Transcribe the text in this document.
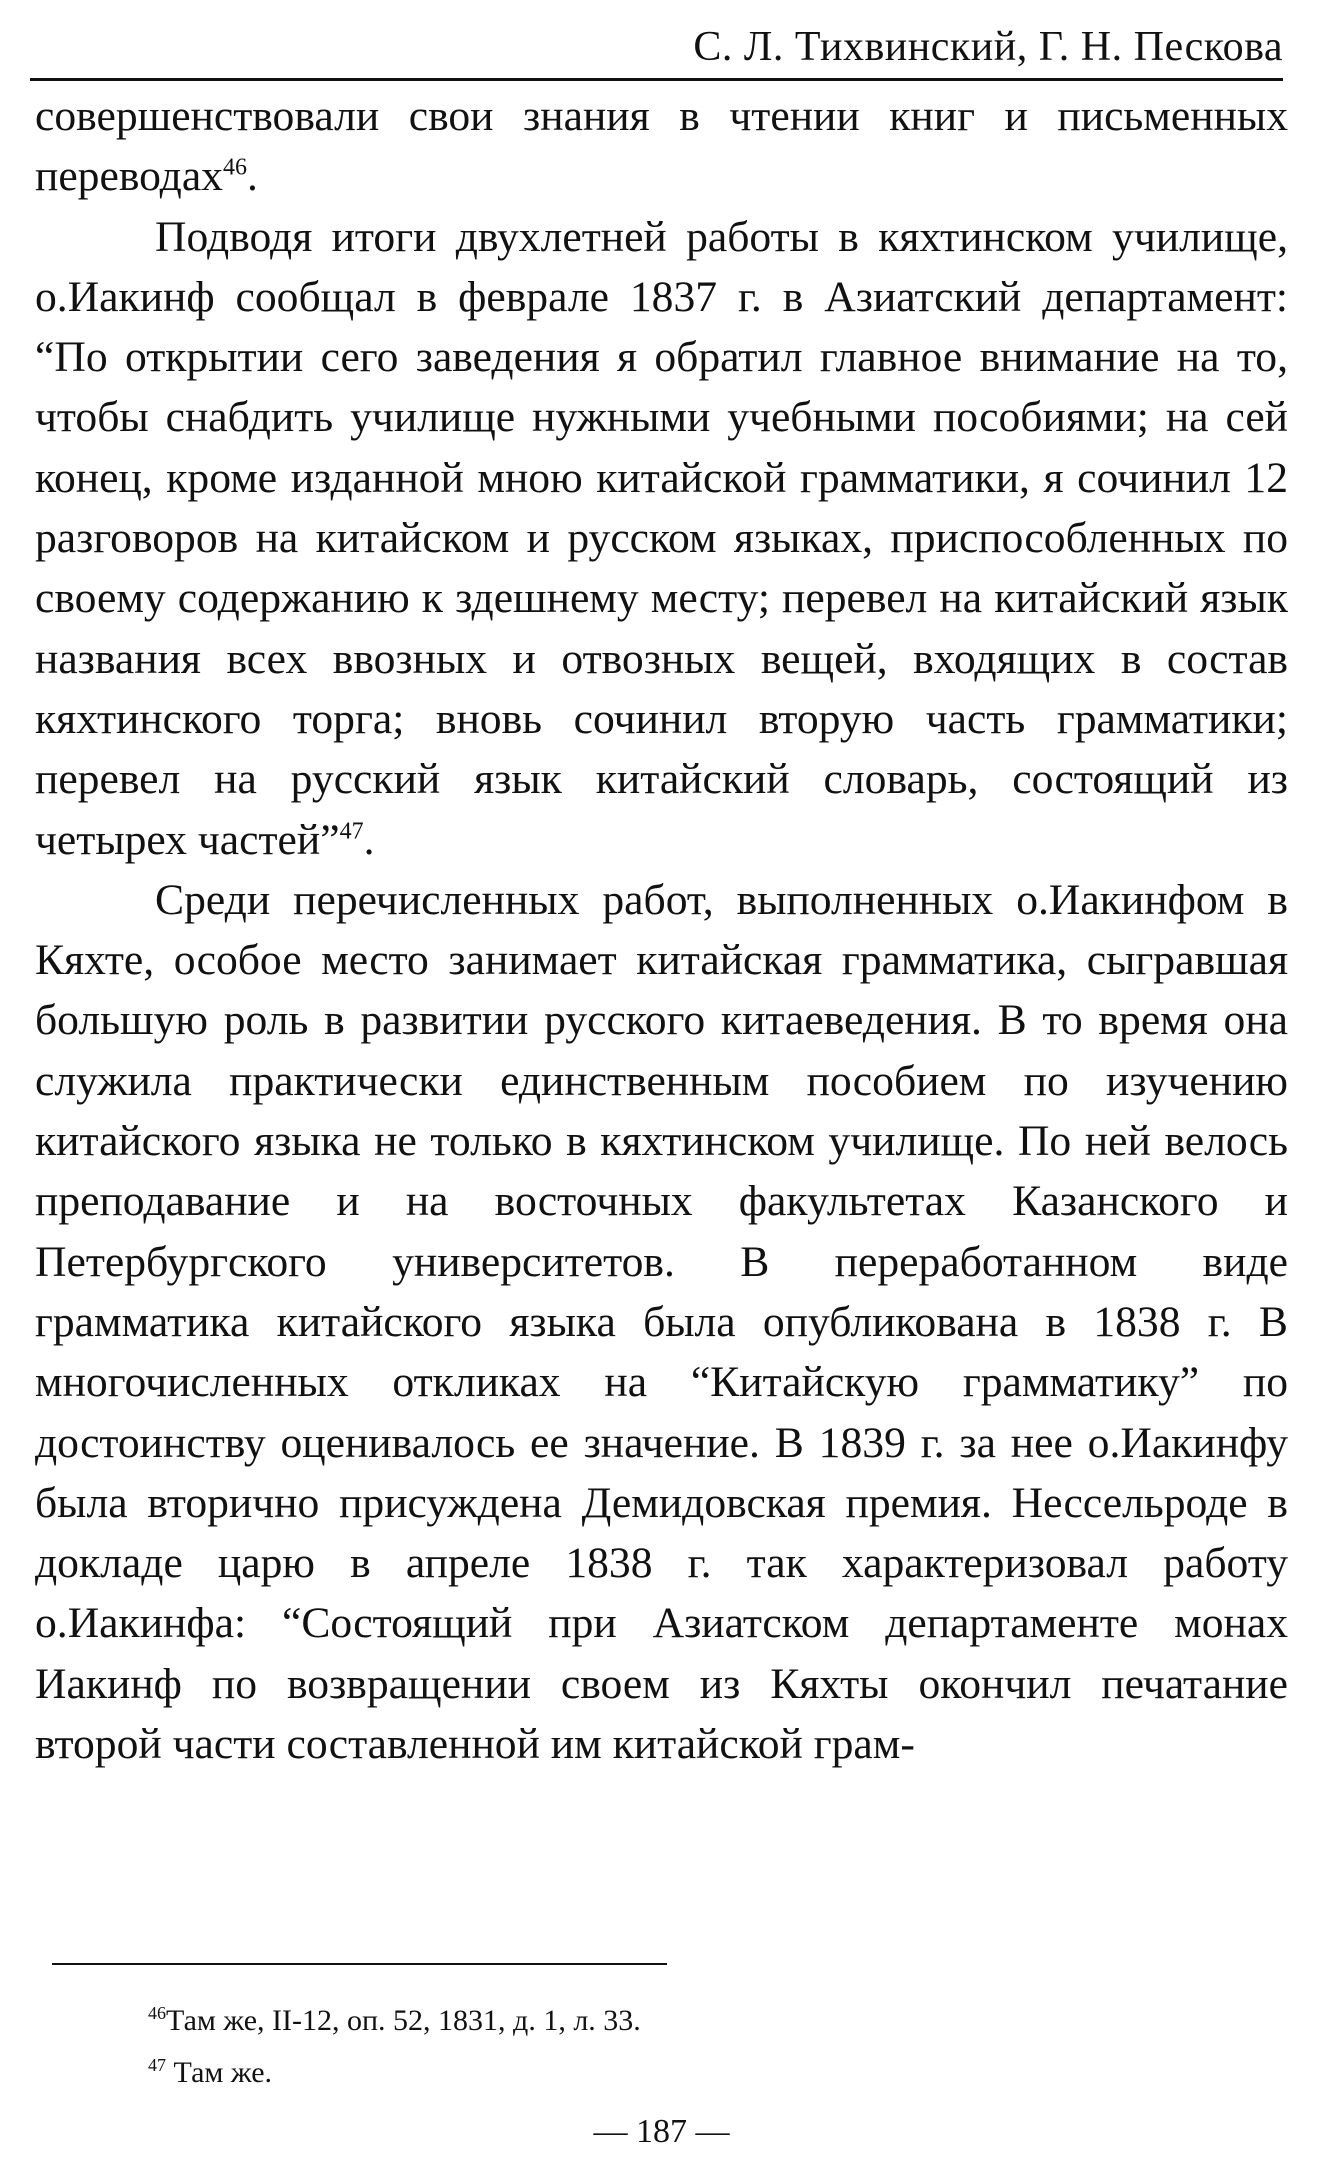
С. Л. Тихвинский, Г. Н. Пескова

совершенствовали свои знания в чтении книг и письменных переводах$^{46}$.

Подводя итоги двухлетней работы в кяхтинском училище, о.Иакинф сообщал в феврале 1837 г. в Азиатский департамент: “По открытии сего заведения я обратил главное внимание на то, чтобы снабдить училище нужными учебными пособиями; на сей конец, кроме изданной мною китайской грамматики, я сочинил 12 разговоров на китайском и русском языках, приспособленных по своему содержанию к здешнему месту; перевел на китайский язык названия всех ввозных и отвозных вещей, входящих в состав кяхтинского торга; вновь сочинил вторую часть грамматики; перевел на русский язык китайский словарь, состоящий из четырех частей”$^{47}$.

Среди перечисленных работ, выполненных о.Иакинфом в Кяхте, особое место занимает китайская грамматика, сыгравшая большую роль в развитии русского китаеведения. В то время она служила практически единственным пособием по изучению китайского языка не только в кяхтинском училище. По ней велось преподавание и на восточных факультетах Казанского и Петербургского университетов. В переработанном виде грамматика китайского языка была опубликована в 1838 г. В многочисленных откликах на “Китайскую грамматику” по достоинству оценивалось ее значение. В 1839 г. за нее о.Иакинфу была вторично присуждена Демидовская премия. Нессельроде в докладе царю в апреле 1838 г. так характеризовал работу о.Иакинфа: “Состоящий при Азиатском департаменте монах Иакинф по возвращении своем из Кяхты окончил печатание второй части составленной им китайской грам-

$^{46}$Там же, II-12, оп. 52, 1831, д. 1, л. 33.

$^{47}$ Там же.

— 187 —
